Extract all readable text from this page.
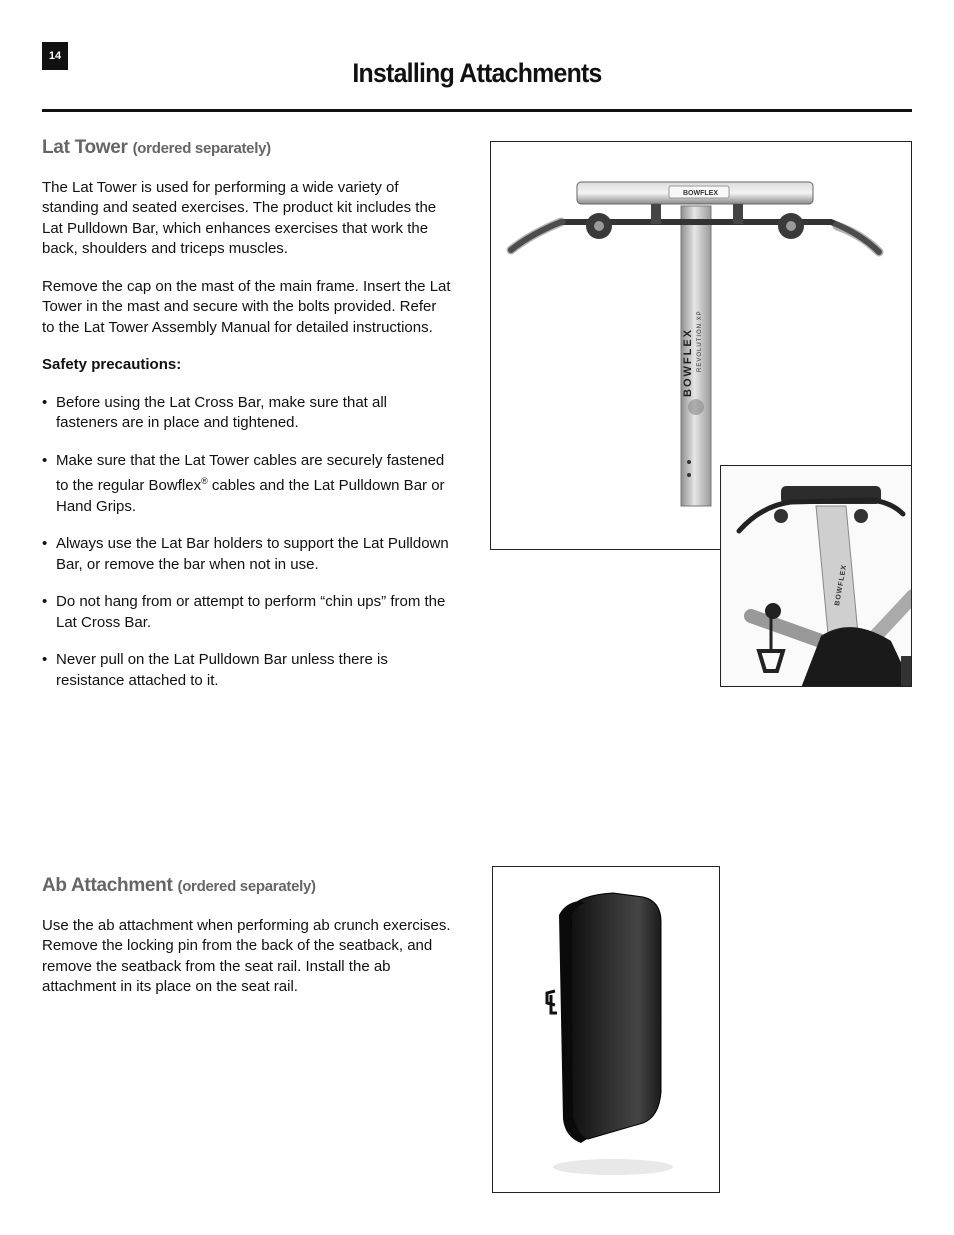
14
Installing Attachments
Lat Tower (ordered separately)

The Lat Tower is used for performing a wide variety of standing and seated exercises. The product kit includes the Lat Pulldown Bar, which enhances exercises that work the back, shoulders and triceps muscles.

Remove the cap on the mast of the main frame. Insert the Lat Tower in the mast and secure with the bolts provided. Refer to the Lat Tower Assembly Manual for detailed instructions.

Safety precautions:

• Before using the Lat Cross Bar, make sure that all fasteners are in place and tightened.

• Make sure that the Lat Tower cables are securely fastened to the regular Bowflex® cables and the Lat Pulldown Bar or Hand Grips.

• Always use the Lat Bar holders to support the Lat Pulldown Bar, or remove the bar when not in use.

• Do not hang from or attempt to perform “chin ups” from the Lat Cross Bar.

• Never pull on the Lat Pulldown Bar unless there is resistance attached to it.

BOWFLEX REVOLUTION XP
BOWFLEX
BOWFLEX
Ab Attachment (ordered separately)

Use the ab attachment when performing ab crunch exercises. Remove the locking pin from the back of the seatback, and remove the seatback from the seat rail. Install the ab attachment in its place on the seat rail.
